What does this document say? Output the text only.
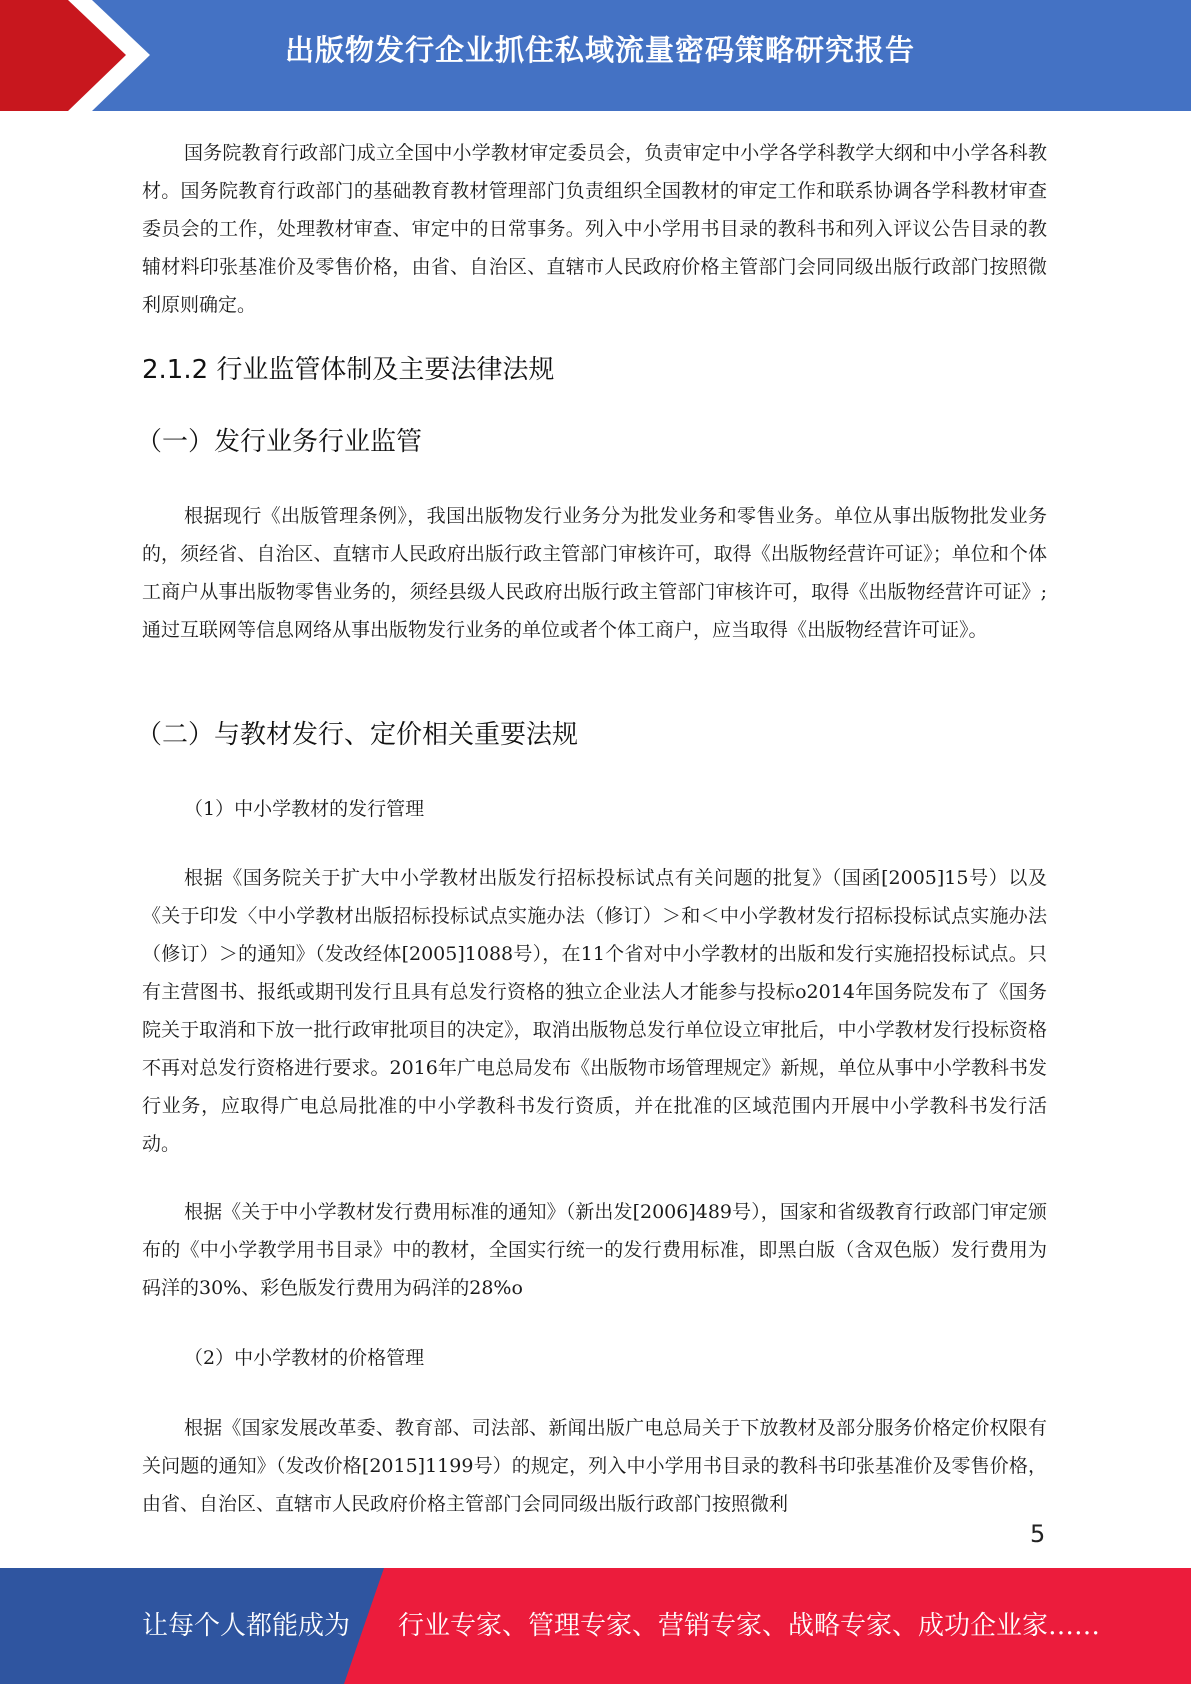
出版物发行企业抓住私域流量密码策略研究报告

国务院教育行政部门成立全国中小学教材审定委员会，负责审定中小学各学科教学大纲和中小学各科教材。国务院教育行政部门的基础教育教材管理部门负责组织全国教材的审定工作和联系协调各学科教材审查委员会的工作，处理教材审查、审定中的日常事务。列入中小学用书目录的教科书和列入评议公告目录的教辅材料印张基准价及零售价格，由省、自治区、直辖市人民政府价格主管部门会同同级出版行政部门按照微利原则确定。

2.1.2 行业监管体制及主要法律法规
（一）发行业务行业监管

根据现行《出版管理条例》，我国出版物发行业务分为批发业务和零售业务。单位从事出版物批发业务的，须经省、自治区、直辖市人民政府出版行政主管部门审核许可，取得《出版物经营许可证》；单位和个体工商户从事出版物零售业务的，须经县级人民政府出版行政主管部门审核许可，取得《出版物经营许可证》;通过互联网等信息网络从事出版物发行业务的单位或者个体工商户，应当取得《出版物经营许可证》。

（二）与教材发行、定价相关重要法规

（1）中小学教材的发行管理

根据《国务院关于扩大中小学教材出版发行招标投标试点有关问题的批复》（国函[2005]15号）以及《关于印发〈中小学教材出版招标投标试点实施办法（修订）＞和＜中小学教材发行招标投标试点实施办法（修订）＞的通知》（发改经体[2005]1088号），在11个省对中小学教材的出版和发行实施招投标试点。只有主营图书、报纸或期刊发行且具有总发行资格的独立企业法人才能参与投标o2014年国务院发布了《国务院关于取消和下放一批行政审批项目的决定》，取消出版物总发行单位设立审批后，中小学教材发行投标资格不再对总发行资格进行要求。2016年广电总局发布《出版物市场管理规定》新规，单位从事中小学教科书发行业务，应取得广电总局批准的中小学教科书发行资质，并在批准的区域范围内开展中小学教科书发行活动。

根据《关于中小学教材发行费用标准的通知》（新出发[2006]489号），国家和省级教育行政部门审定颁布的《中小学教学用书目录》中的教材，全国实行统一的发行费用标准，即黑白版（含双色版）发行费用为码洋的30%、彩色版发行费用为码洋的28%o

（2）中小学教材的价格管理

根据《国家发展改革委、教育部、司法部、新闻出版广电总局关于下放教材及部分服务价格定价权限有关问题的通知》（发改价格[2015]1199号）的规定，列入中小学用书目录的教科书印张基准价及零售价格，由省、自治区、直辖市人民政府价格主管部门会同同级出版行政部门按照微利

5
让每个人都能成为 行业专家、管理专家、营销专家、战略专家、成功企业家……
